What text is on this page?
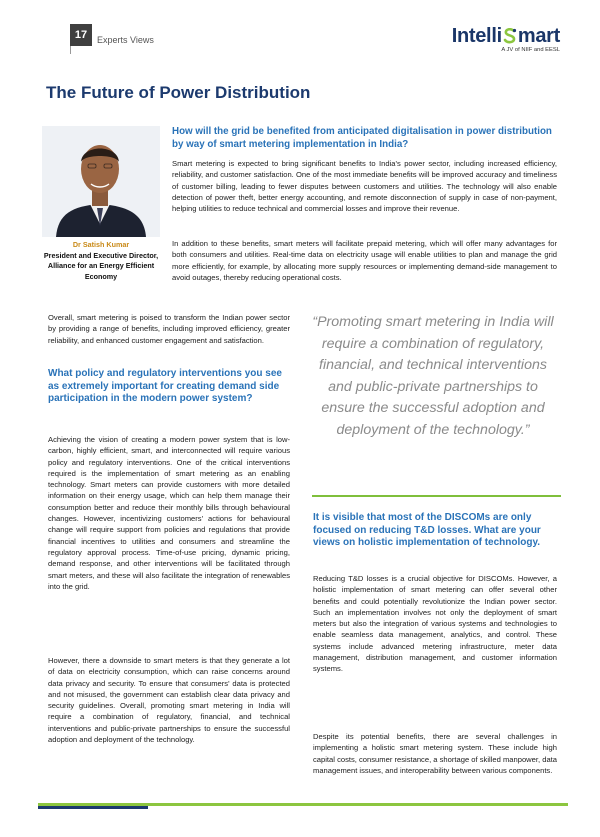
17	Experts Views	Intelli mart
A JV of NIIF and EESL
The Future of Power Distribution
Dr Satish Kumar
President and Executive Director, Alliance for an Energy Efficient Economy
How will the grid be benefited from anticipated digitalisation in power distribution by way of smart metering implementation in India?

Smart metering is expected to bring significant benefits to India's power sector, including increased efficiency, reliability, and customer satisfaction. One of the most immediate benefits will be improved accuracy and timeliness of customer billing, leading to fewer disputes between customers and utilities. The technology will also enable detection of power theft, better energy accounting, and remote disconnection of supply in case of non-payment, helping utilities to reduce technical and commercial losses and improve their revenue.

In addition to these benefits, smart meters will facilitate prepaid metering, which will offer many advantages for both consumers and utilities. Real-time data on electricity usage will enable utilities to plan and manage the grid more efficiently, for example, by allocating more supply resources or implementing demand-side management to avoid outages, thereby reducing operational costs.

Overall, smart metering is poised to transform the Indian power sector by providing a range of benefits, including improved efficiency, greater reliability, and enhanced customer engagement and satisfaction.

What policy and regulatory interventions you see as extremely important for creating demand side participation in the modern power system?

Achieving the vision of creating a modern power system that is low-carbon, highly efficient, smart, and interconnected will require various policy and regulatory interventions. One of the critical interventions required is the implementation of smart metering as an enabling technology. Smart meters can provide customers with more detailed information on their energy usage, which can help them manage their consumption better and reduce their monthly bills through behavioural changes. However, incentivizing customers' actions for behavioural change will require support from policies and regulations that provide financial incentives to utilities and consumers and streamline the regulatory approval process. Time-of-use pricing, dynamic pricing, demand response, and other interventions will be facilitated through smart meters, and these will also facilitate the integration of renewables into the grid.

However, there a downside to smart meters is that they generate a lot of data on electricity consumption, which can raise concerns around data privacy and security. To ensure that consumers' data is protected and not misused, the government can establish clear data privacy and security guidelines. Overall, promoting smart metering in India will require a combination of regulatory, financial, and technical interventions and public-private partnerships to ensure the successful adoption and deployment of the technology.

“Promoting smart metering in India will require a combination of regulatory, financial, and technical interventions and public-private partnerships to ensure the successful adoption and deployment of the technology.”
It is visible that most of the DISCOMs are only focused on reducing T&D losses. What are your views on holistic implementation of technology.

Reducing T&D losses is a crucial objective for DISCOMs. However, a holistic implementation of smart metering can offer several other benefits and could potentially revolutionize the Indian power sector. Such an implementation involves not only the deployment of smart meters but also the integration of various systems and technologies to enable seamless data management, analytics, and control. These systems include advanced metering infrastructure, meter data management, distribution management, and customer information systems.

Despite its potential benefits, there are several challenges in implementing a holistic smart metering system. These include high capital costs, consumer resistance, a shortage of skilled manpower, data management issues, and interoperability between various components.
